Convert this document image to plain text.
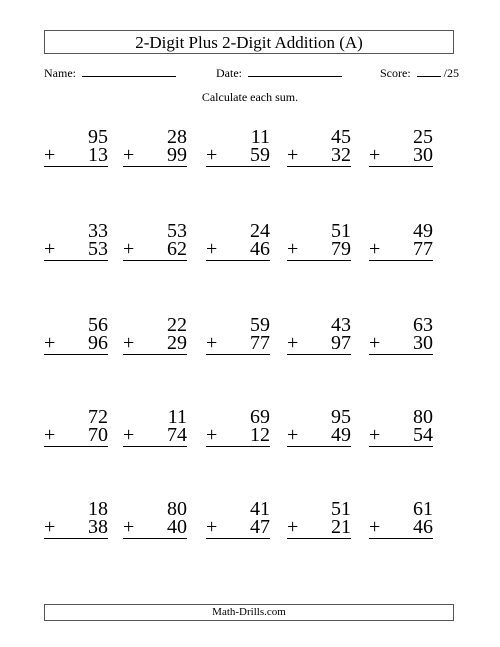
2-Digit Plus 2-Digit Addition (A)
Name:	Date:	Score:	/25
Calculate each sum.
95
+ 13
28
+ 99
11
+ 59
45
+ 32
25
+ 30
33
+ 53
53
+ 62
24
+ 46
51
+ 79
49
+ 77
56
+ 96
22
+ 29
59
+ 77
43
+ 97
63
+ 30
72
+ 70
11
+ 74
69
+ 12
95
+ 49
80
+ 54
18
+ 38
80
+ 40
41
+ 47
51
+ 21
61
+ 46
Math-Drills.com
